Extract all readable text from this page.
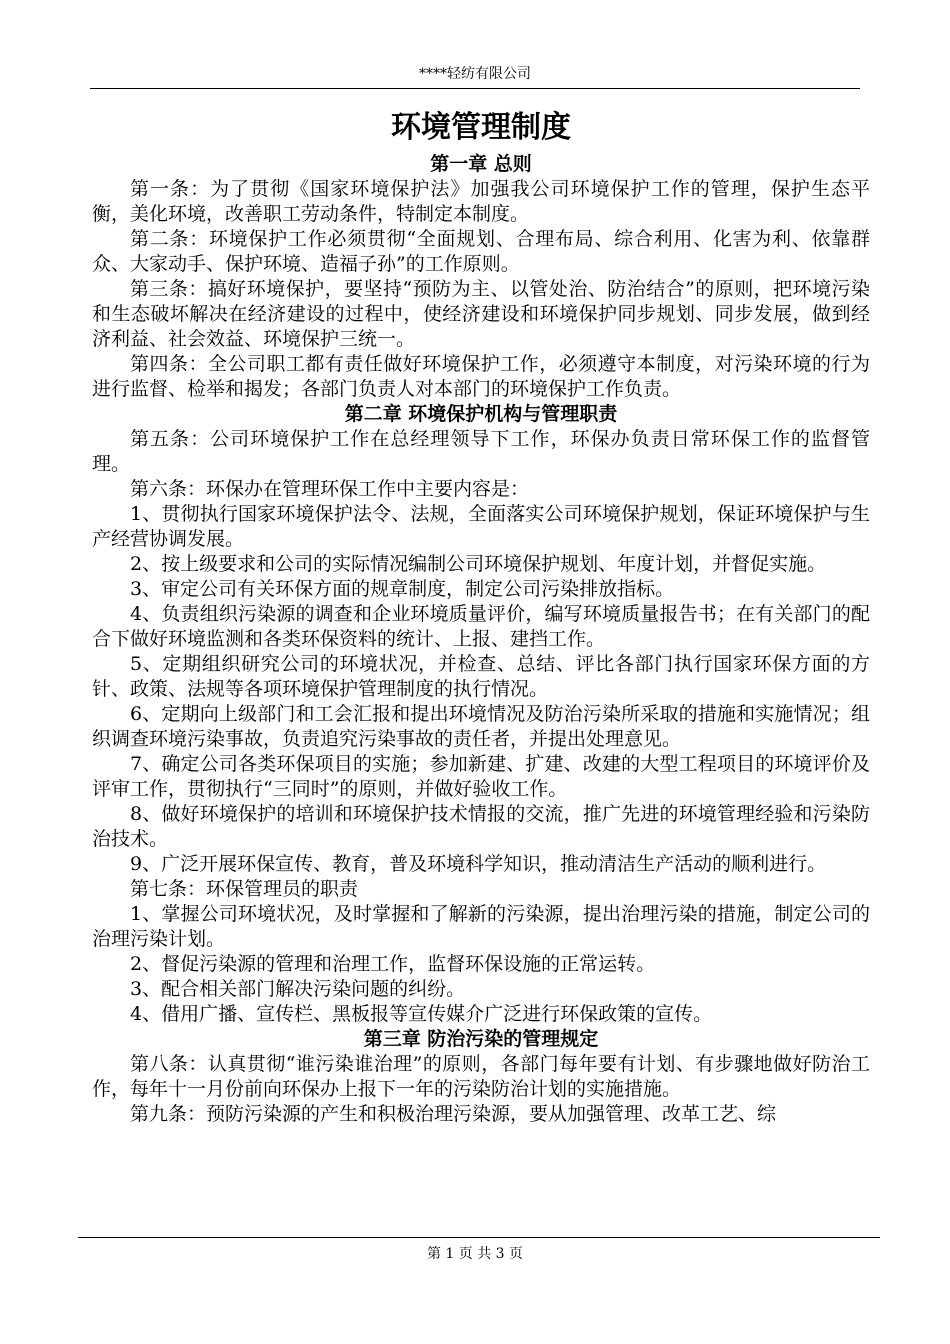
****轻纺有限公司
环境管理制度
第一章 总则

第一条：为了贯彻《国家环境保护法》加强我公司环境保护工作的管理，保护生态平衡，美化环境，改善职工劳动条件，特制定本制度。

第二条：环境保护工作必须贯彻“全面规划、合理布局、综合利用、化害为利、依靠群众、大家动手、保护环境、造福子孙”的工作原则。

第三条：搞好环境保护，要坚持“预防为主、以管处治、防治结合”的原则，把环境污染和生态破坏解决在经济建设的过程中，使经济建设和环境保护同步规划、同步发展，做到经济利益、社会效益、环境保护三统一。

第四条：全公司职工都有责任做好环境保护工作，必须遵守本制度，对污染环境的行为进行监督、检举和揭发；各部门负责人对本部门的环境保护工作负责。

第二章 环境保护机构与管理职责

第五条：公司环境保护工作在总经理领导下工作，环保办负责日常环保工作的监督管理。

第六条：环保办在管理环保工作中主要内容是：

1、贯彻执行国家环境保护法令、法规，全面落实公司环境保护规划，保证环境保护与生产经营协调发展。

2、按上级要求和公司的实际情况编制公司环境保护规划、年度计划，并督促实施。

3、审定公司有关环保方面的规章制度，制定公司污染排放指标。

4、负责组织污染源的调查和企业环境质量评价，编写环境质量报告书；在有关部门的配合下做好环境监测和各类环保资料的统计、上报、建挡工作。

5、定期组织研究公司的环境状况，并检查、总结、评比各部门执行国家环保方面的方针、政策、法规等各项环境保护管理制度的执行情况。

6、定期向上级部门和工会汇报和提出环境情况及防治污染所采取的措施和实施情况；组织调查环境污染事故，负责追究污染事故的责任者，并提出处理意见。

7、确定公司各类环保项目的实施；参加新建、扩建、改建的大型工程项目的环境评价及评审工作，贯彻执行“三同时”的原则，并做好验收工作。

8、做好环境保护的培训和环境保护技术情报的交流，推广先进的环境管理经验和污染防治技术。

9、广泛开展环保宣传、教育，普及环境科学知识，推动清洁生产活动的顺利进行。

第七条：环保管理员的职责

1、掌握公司环境状况，及时掌握和了解新的污染源，提出治理污染的措施，制定公司的治理污染计划。

2、督促污染源的管理和治理工作，监督环保设施的正常运转。

3、配合相关部门解决污染问题的纠纷。

4、借用广播、宣传栏、黑板报等宣传媒介广泛进行环保政策的宣传。

第三章 防治污染的管理规定

第八条：认真贯彻“谁污染谁治理”的原则，各部门每年要有计划、有步骤地做好防治工作，每年十一月份前向环保办上报下一年的污染防治计划的实施措施。

第九条：预防污染源的产生和积极治理污染源，要从加强管理、改革工艺、综

第 1 页 共 3 页
